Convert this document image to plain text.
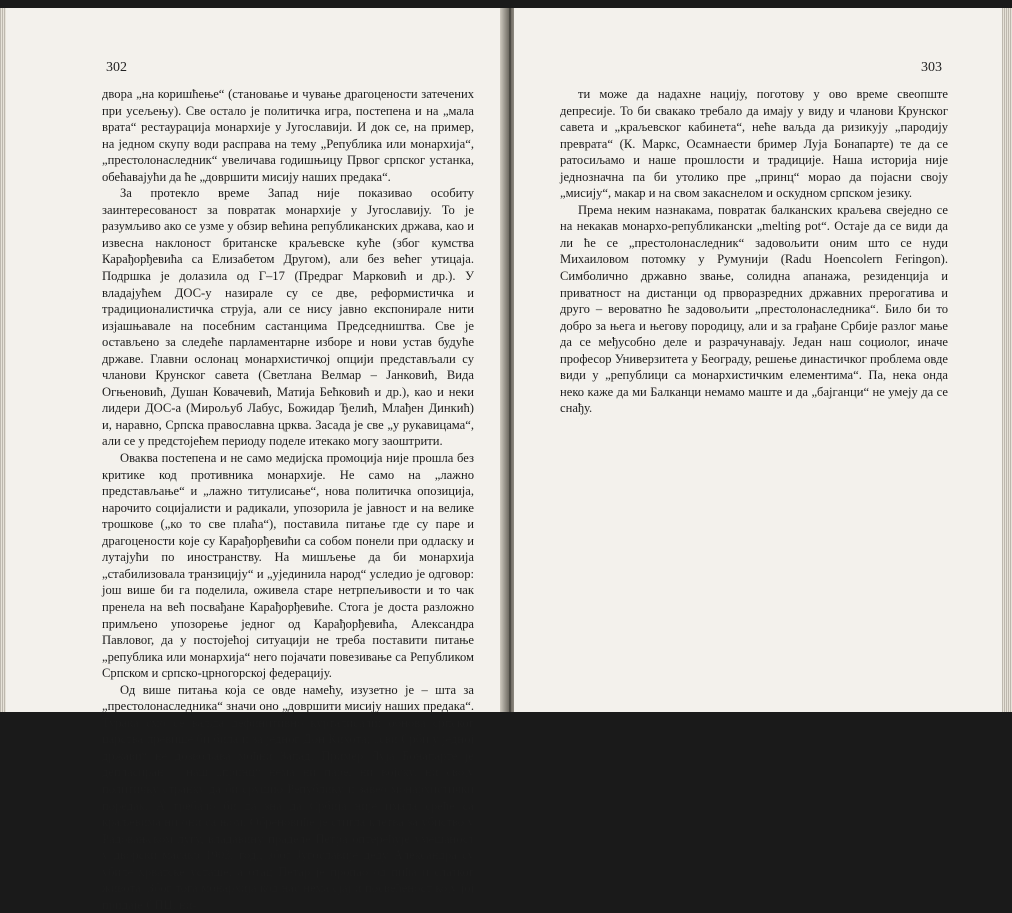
302

двора „на коришћење“ (становање и чување драгоцености затечених при усељењу). Све остало је политичка игра, постепена и на „мала врата“ рестаурација монархије у Југославији. И док се, на пример, на једном скупу води расправа на тему „Република или монархија“, „престолонаследник“ увеличава годишњицу Првог српског устанка, обећавајући да ће „довршити мисију наших предака“.

За протекло време Запад није показивао особиту заинтересованост за повратак монархије у Југославију. То је разумљиво ако се узме у обзир већина републиканских држава, као и извесна наклоност британске краљевске куће (због кумства Карађорђевића са Елизабетом Другом), али без већег утицаја. Подршка је долазила од Г–17 (Предраг Марковић и др.). У владајућем ДОС-у назирале су се две, реформистичка и традиционалистичка струја, али се нису јавно експонирале нити изјашњавале на посебним састанцима Председништва. Све је остављено за следеће парламентарне изборе и нови устав будуће државе. Главни ослонац монархистичкој опцији представљали су чланови Крунског савета (Светлана Велмар – Јанковић, Вида Огњеновић, Душан Ковачевић, Матија Бећковић и др.), као и неки лидери ДОС-а (Мирољуб Лабус, Божидар Ђелић, Млађен Динкић) и, наравно, Српска православна црква. Засада је све „у рукавицама“, али се у предстојећем периоду поделе итекако могу заоштрити.

Оваква постепена и не само медијска промоција није прошла без критике код противника монархије. Не само на „лажно представљање“ и „лажно титулисање“, нова политичка опозиција, нарочито социјалисти и радикали, упозорила је јавност и на велике трошкове („ко то све плаћа“), поставила питање где су паре и драгоцености које су Карађорђевићи са собом понели при одласку и лутајући по иностранству. На мишљење да би монархија „стабилизовала транзицију“ и „ујединила народ“ уследио је одговор: још више би га поделила, оживела старе нетрпељивости и то чак пренела на већ посвађане Карађорђевиће. Стога је доста разложно примљено упозорење једног од Карађорђевића, Александра Павловог, да у постојећој ситуацији не треба поставити питање „република или монархија“ него појачати повезивање са Републиком Српском и српско-црногорској федерацију.

Од више питања која се овде намећу, изузетно је – шта за „престолонаследника“ значи оно „довршити мисију наших предака“. Турака смо се ваљда дефинитивно курталисали; обнова српског царства превише би била и за једног Дон Кихота; „сви Срби у једној држави“ не дозвољава моћни Запад. Пример Луја Бонапарте је депласиран – наш „принц“ нема ни паре, ни војску, ни своју политичку странку да би срушио Републику и завео монархистички поредак. А требало би да зна да Србија није имала среће са краљевима ни они са њом. Обреновиће је стигла клетва за убиство у Радовањском лугу, владавину праделе Петра оптерећује умешаност у дворски масакр 1903. год., због Југославије деду Александра су убиле хрватске усташе, а отац Петар је пропао од пића и слатког живота. Због тога монархија код нас нема сјај и посвећеност коју јој придаје СПЦ, ни-

303

ти може да надахне нацију, поготову у ово време свеопште депресије. То би свакако требало да имају у виду и чланови Крунског савета и „краљевског кабинета“, нећe ваљда да ризикују „пародију преврата“ (К. Маркс, Осамнаести бример Луја Бонапарте) те да се ратосиљамо и наше прошлости и традиције. Наша историја није једнозначна па би утолико пре „принц“ морао да појасни своју „мисију“, макар и на свом закаснелом и оскудном српском језику.

Према неким назнакама, повратак балканских краљева свеједно се на некакав монархо-републикански „melting pot“. Остаје да се види да ли ће се „престолонаследник“ задовољити оним што се нуди Михаиловом потомку у Румунији (Radu Hoencolern Feringon). Симболично државно звање, солидна апанажа, резиденција и приватност на дистанци од прворазредних државних прерогатива и друго – вероватно ће задовољити „престолонаследника“. Било би то добро за њега и његову породицу, али и за грађане Србије разлог мање да се међусобно деле и разрачунавају. Један наш социолог, иначе професор Универзитета у Београду, решење династичког проблема овде види у „републици са монархистичким елементима“. Па, нека онда неко каже да ми Балканци немамо маште и да „бајганци“ не умеју да се снађу.
